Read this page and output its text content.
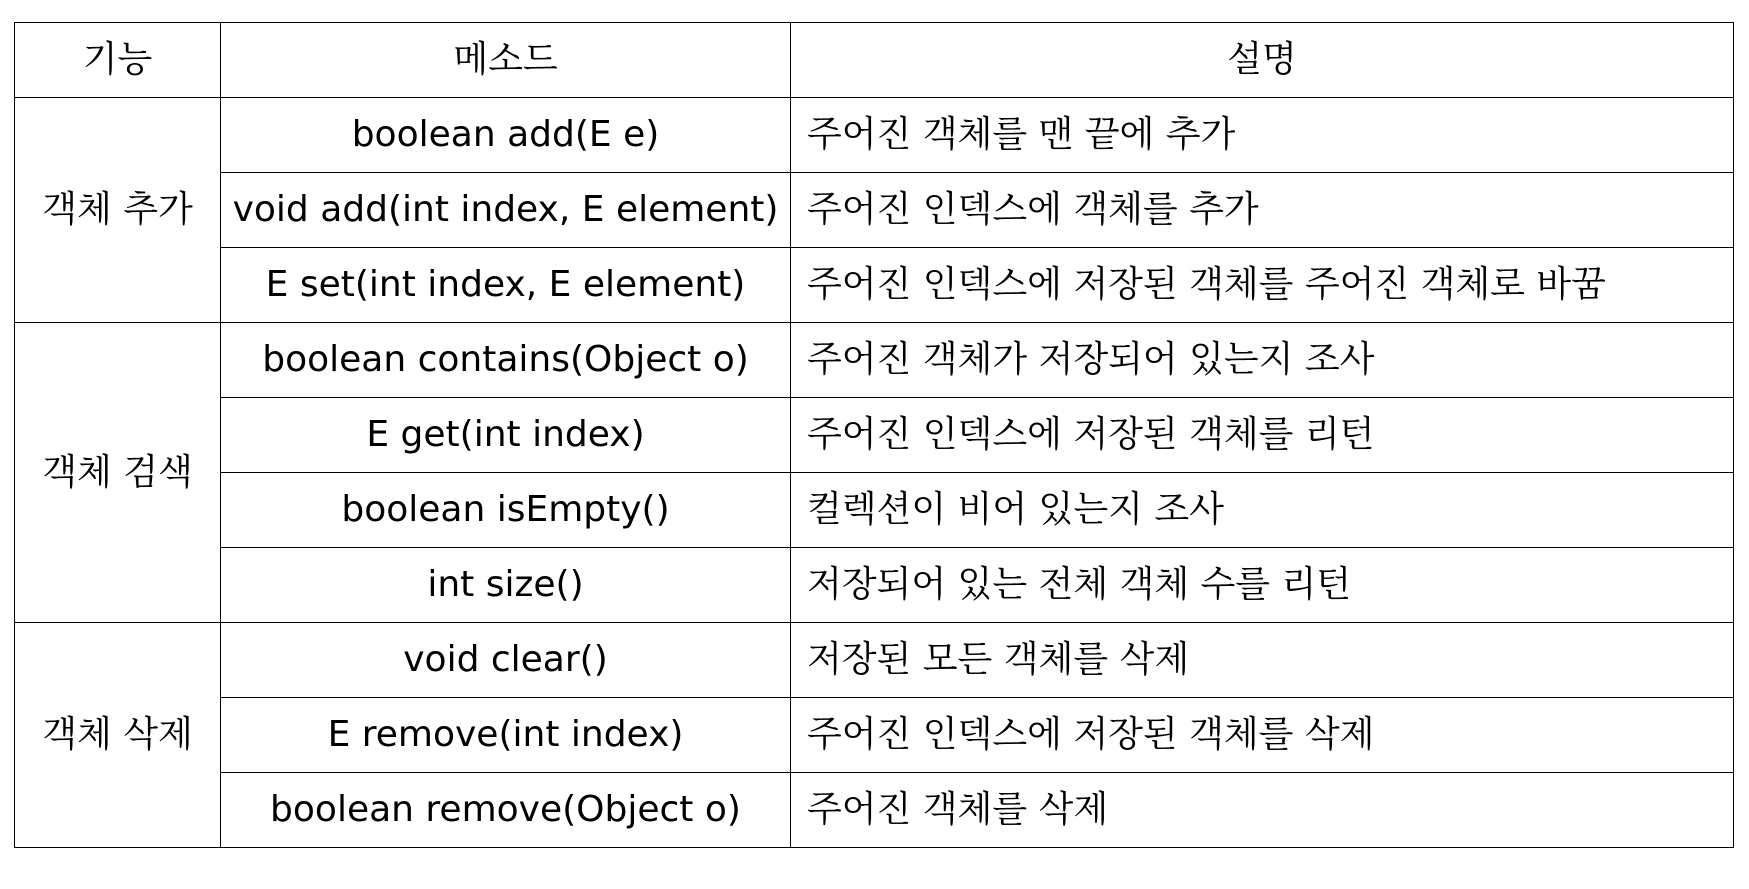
기능	메소드	설명
객체 추가	boolean add(E e)	주어진 객체를 맨 끝에 추가
	void add(int index, E element)	주어진 인덱스에 객체를 추가
	E set(int index, E element)	주어진 인덱스에 저장된 객체를 주어진 객체로 바꿈
객체 검색	boolean contains(Object o)	주어진 객체가 저장되어 있는지 조사
	E get(int index)	주어진 인덱스에 저장된 객체를 리턴
	boolean isEmpty()	컬렉션이 비어 있는지 조사
	int size()	저장되어 있는 전체 객체 수를 리턴
객체 삭제	void clear()	저장된 모든 객체를 삭제
	E remove(int index)	주어진 인덱스에 저장된 객체를 삭제
	boolean remove(Object o)	주어진 객체를 삭제
